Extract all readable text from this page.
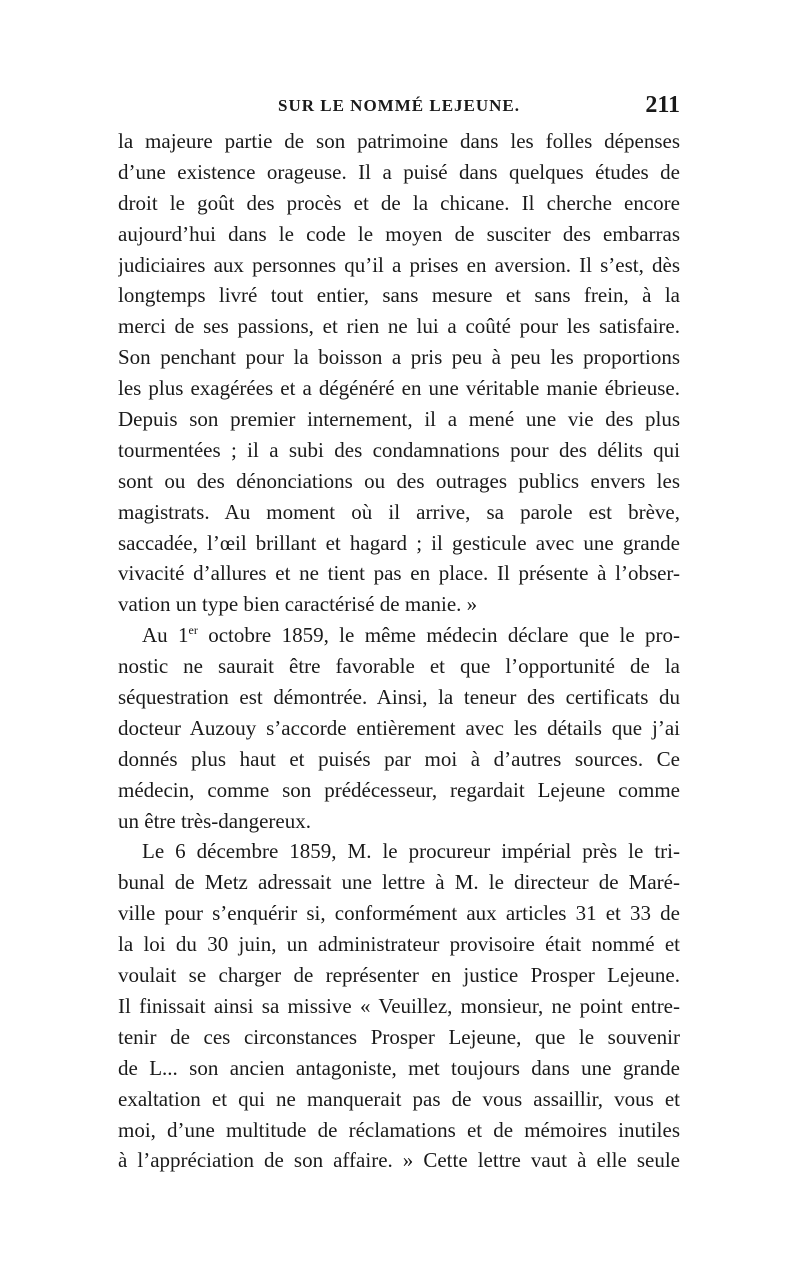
SUR LE NOMMÉ LEJEUNE.	211
la majeure partie de son patrimoine dans les folles dépenses
d’une existence orageuse. Il a puisé dans quelques études de
droit le goût des procès et de la chicane. Il cherche encore
aujourd’hui dans le code le moyen de susciter des embarras
judiciaires aux personnes qu’il a prises en aversion. Il s’est, dès
longtemps livré tout entier, sans mesure et sans frein, à la
merci de ses passions, et rien ne lui a coûté pour les satisfaire.
Son penchant pour la boisson a pris peu à peu les proportions
les plus exagérées et a dégénéré en une véritable manie ébrieuse.
Depuis son premier internement, il a mené une vie des plus
tourmentées ; il a subi des condamnations pour des délits qui
sont ou des dénonciations ou des outrages publics envers les
magistrats. Au moment où il arrive, sa parole est brève,
saccadée, l’œil brillant et hagard ; il gesticule avec une grande
vivacité d’allures et ne tient pas en place. Il présente à l’obser-
vation un type bien caractérisé de manie. »
Au 1er octobre 1859, le même médecin déclare que le pro-
nostic ne saurait être favorable et que l’opportunité de la
séquestration est démontrée. Ainsi, la teneur des certificats du
docteur Auzouy s’accorde entièrement avec les détails que j’ai
donnés plus haut et puisés par moi à d’autres sources. Ce
médecin, comme son prédécesseur, regardait Lejeune comme
un être très-dangereux.
Le 6 décembre 1859, M. le procureur impérial près le tri-
bunal de Metz adressait une lettre à M. le directeur de Maré-
ville pour s’enquérir si, conformément aux articles 31 et 33 de
la loi du 30 juin, un administrateur provisoire était nommé et
voulait se charger de représenter en justice Prosper Lejeune.
Il finissait ainsi sa missive « Veuillez, monsieur, ne point entre-
tenir de ces circonstances Prosper Lejeune, que le souvenir
de L... son ancien antagoniste, met toujours dans une grande
exaltation et qui ne manquerait pas de vous assaillir, vous et
moi, d’une multitude de réclamations et de mémoires inutiles
à l’appréciation de son affaire. » Cette lettre vaut à elle seule
